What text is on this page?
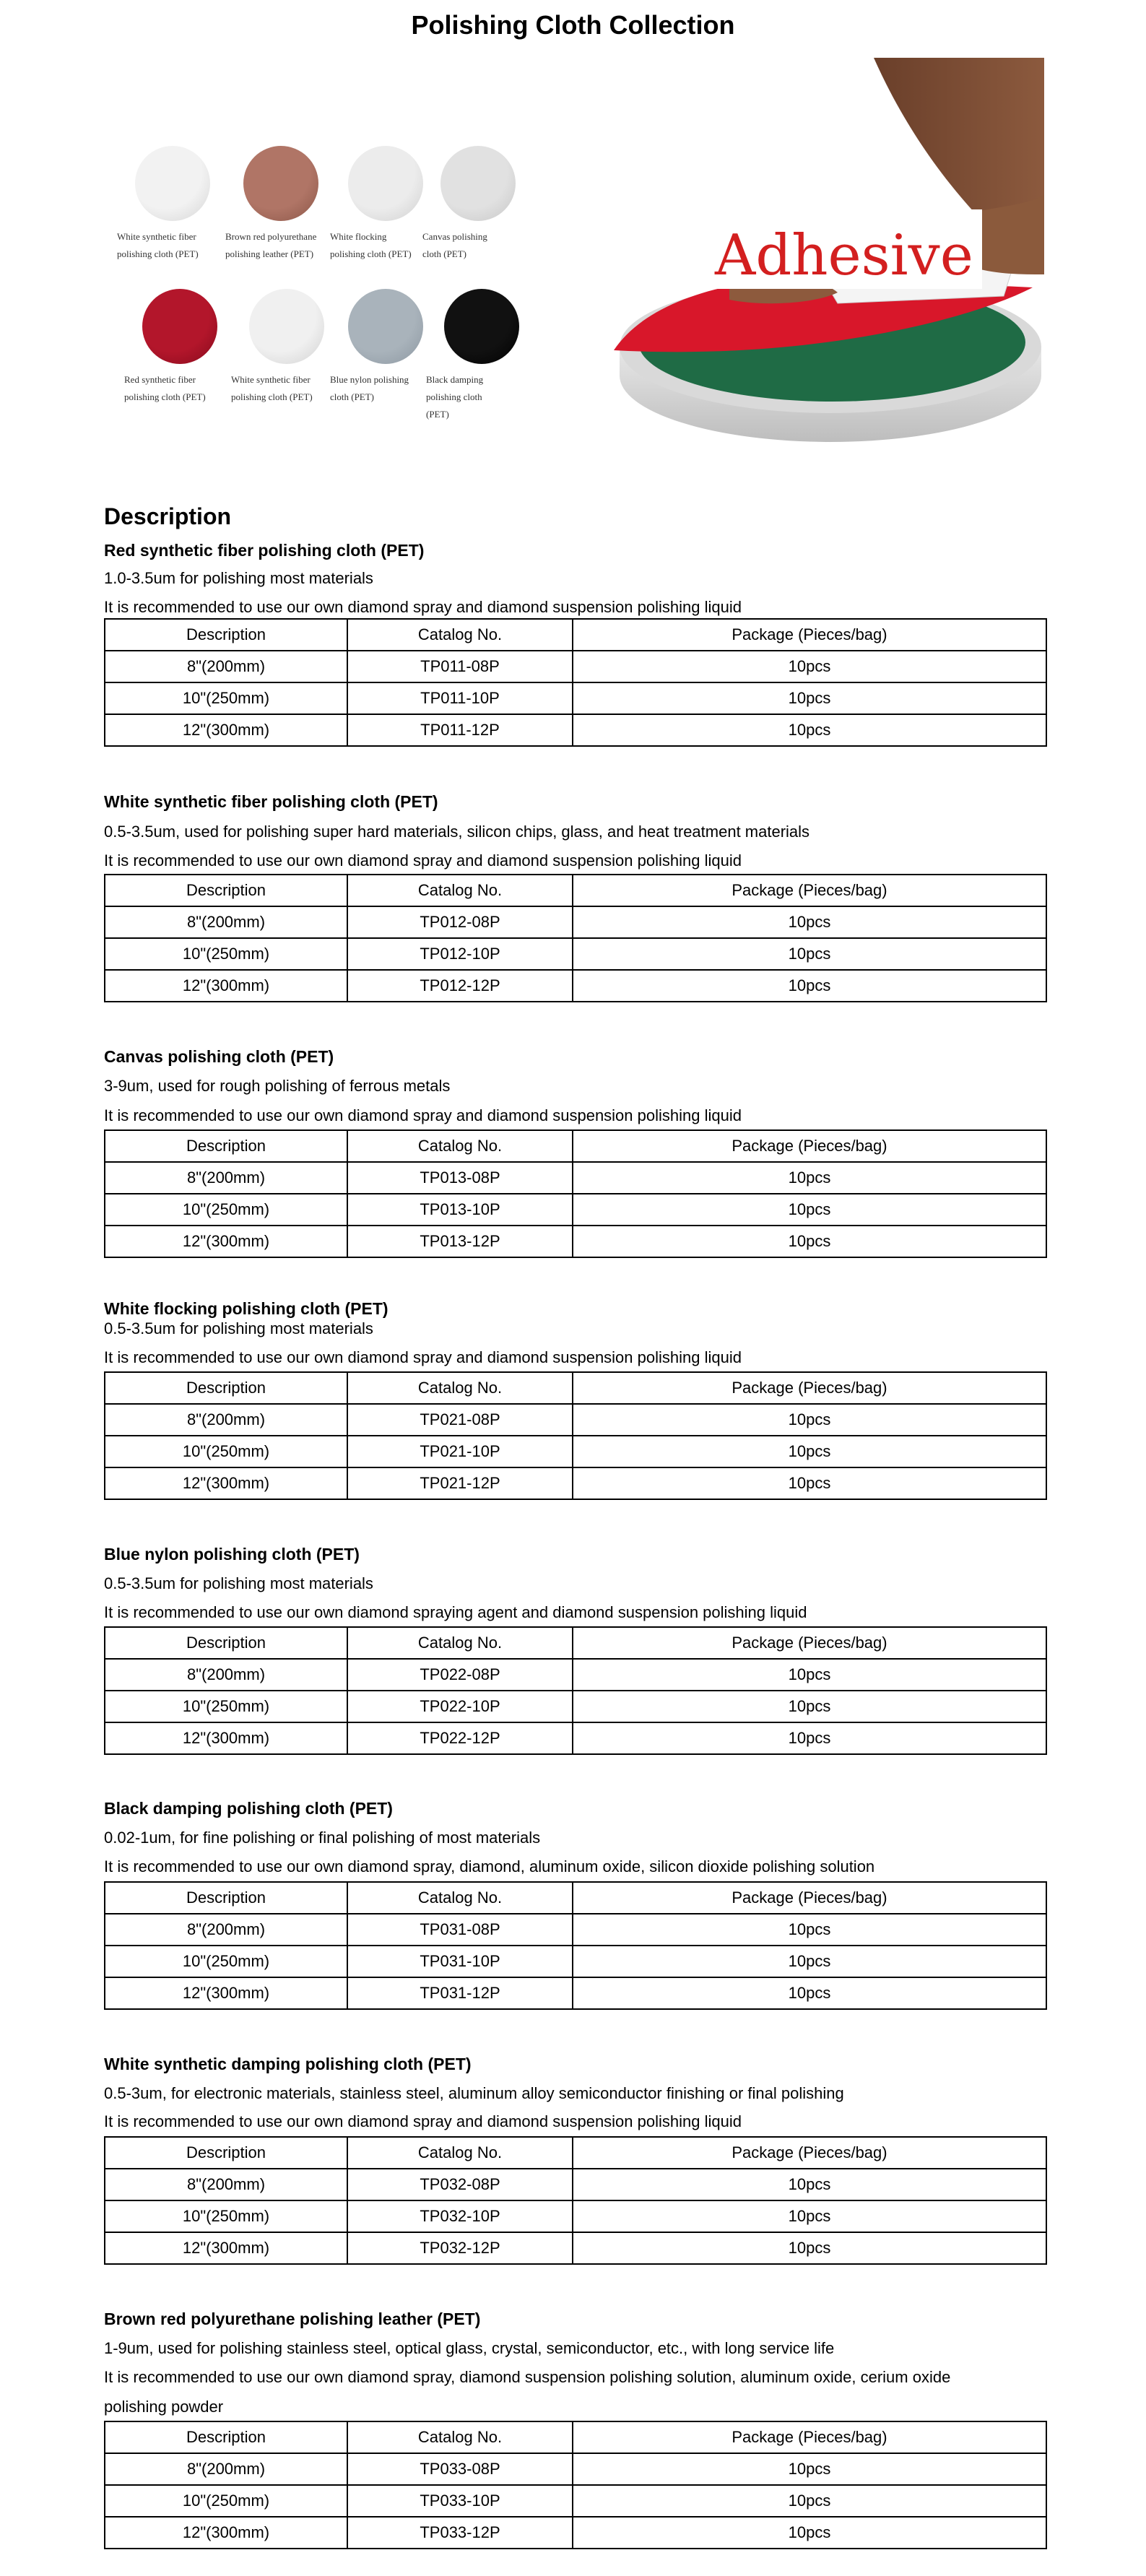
Polishing Cloth Collection
White synthetic fiber
polishing cloth (PET)
Brown red polyurethane
polishing leather (PET)
White flocking
polishing cloth (PET)
Canvas polishing
cloth (PET)
Red synthetic fiber
polishing cloth (PET)
White synthetic fiber
polishing cloth (PET)
Blue nylon polishing
cloth (PET)
Black damping
polishing cloth
(PET)
Adhesive
Description
Red synthetic fiber polishing cloth (PET)
1.0-3.5um for polishing most materials
It is recommended to use our own diamond spray and diamond suspension polishing liquid
Description	Catalog No.	Package (Pieces/bag)
8"(200mm)	TP011-08P	10pcs
10"(250mm)	TP011-10P	10pcs
12"(300mm)	TP011-12P	10pcs
White synthetic fiber polishing cloth (PET)
0.5-3.5um, used for polishing super hard materials, silicon chips, glass, and heat treatment materials
It is recommended to use our own diamond spray and diamond suspension polishing liquid
Description	Catalog No.	Package (Pieces/bag)
8"(200mm)	TP012-08P	10pcs
10"(250mm)	TP012-10P	10pcs
12"(300mm)	TP012-12P	10pcs
Canvas polishing cloth (PET)
3-9um, used for rough polishing of ferrous metals
It is recommended to use our own diamond spray and diamond suspension polishing liquid
Description	Catalog No.	Package (Pieces/bag)
8"(200mm)	TP013-08P	10pcs
10"(250mm)	TP013-10P	10pcs
12"(300mm)	TP013-12P	10pcs
White flocking polishing cloth (PET)
0.5-3.5um for polishing most materials
It is recommended to use our own diamond spray and diamond suspension polishing liquid
Description	Catalog No.	Package (Pieces/bag)
8"(200mm)	TP021-08P	10pcs
10"(250mm)	TP021-10P	10pcs
12"(300mm)	TP021-12P	10pcs
Blue nylon polishing cloth (PET)
0.5-3.5um for polishing most materials
It is recommended to use our own diamond spraying agent and diamond suspension polishing liquid
Description	Catalog No.	Package (Pieces/bag)
8"(200mm)	TP022-08P	10pcs
10"(250mm)	TP022-10P	10pcs
12"(300mm)	TP022-12P	10pcs
Black damping polishing cloth (PET)
0.02-1um, for fine polishing or final polishing of most materials
It is recommended to use our own diamond spray, diamond, aluminum oxide, silicon dioxide polishing solution
Description	Catalog No.	Package (Pieces/bag)
8"(200mm)	TP031-08P	10pcs
10"(250mm)	TP031-10P	10pcs
12"(300mm)	TP031-12P	10pcs
White synthetic damping polishing cloth (PET)
0.5-3um, for electronic materials, stainless steel, aluminum alloy semiconductor finishing or final polishing
It is recommended to use our own diamond spray and diamond suspension polishing liquid
Description	Catalog No.	Package (Pieces/bag)
8"(200mm)	TP032-08P	10pcs
10"(250mm)	TP032-10P	10pcs
12"(300mm)	TP032-12P	10pcs
Brown red polyurethane polishing leather (PET)
1-9um, used for polishing stainless steel, optical glass, crystal, semiconductor, etc., with long service life
It is recommended to use our own diamond spray, diamond suspension polishing solution, aluminum oxide, cerium oxide
polishing powder
Description	Catalog No.	Package (Pieces/bag)
8"(200mm)	TP033-08P	10pcs
10"(250mm)	TP033-10P	10pcs
12"(300mm)	TP033-12P	10pcs
